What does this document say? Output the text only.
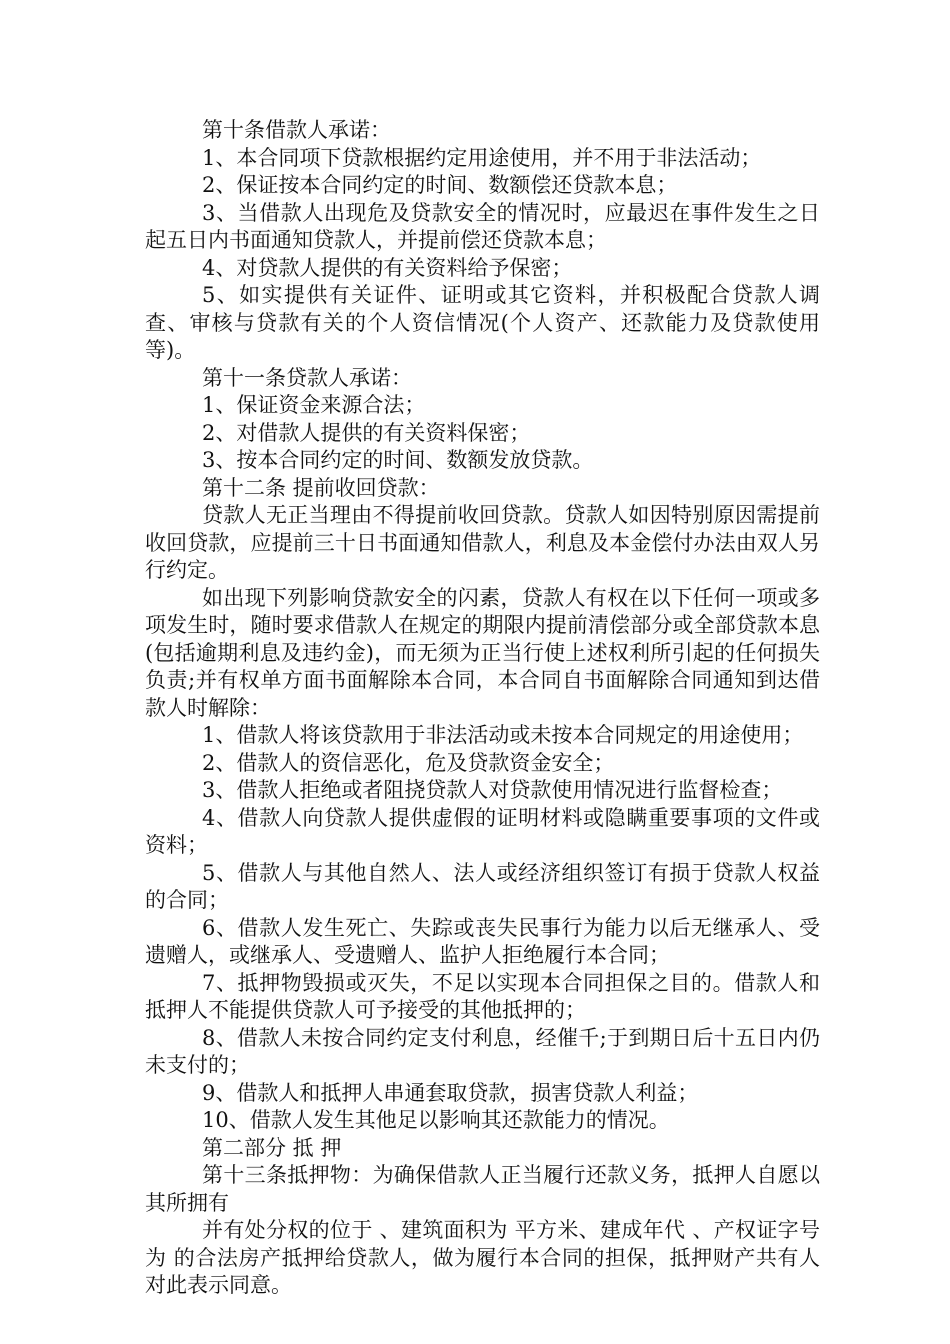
第十条借款人承诺：

1、本合同项下贷款根据约定用途使用，并不用于非法活动；

2、保证按本合同约定的时间、数额偿还贷款本息；

3、当借款人出现危及贷款安全的情况时，应最迟在事件发生之日起五日内书面通知贷款人，并提前偿还贷款本息；

4、对贷款人提供的有关资料给予保密；

5、如实提供有关证件、证明或其它资料，并积极配合贷款人调查、审核与贷款有关的个人资信情况(个人资产、还款能力及贷款使用等)。

第十一条贷款人承诺：

1、保证资金来源合法；

2、对借款人提供的有关资料保密；

3、按本合同约定的时间、数额发放贷款。

第十二条 提前收回贷款：

贷款人无正当理由不得提前收回贷款。贷款人如因特别原因需提前收回贷款，应提前三十日书面通知借款人，利息及本金偿付办法由双人另行约定。

如出现下列影响贷款安全的闪素，贷款人有权在以下任何一项或多项发生时，随时要求借款人在规定的期限内提前清偿部分或全部贷款本息(包括逾期利息及违约金)，而无须为正当行使上述权利所引起的任何损失负责;并有权单方面书面解除本合同，本合同自书面解除合同通知到达借款人时解除：

1、借款人将该贷款用于非法活动或未按本合同规定的用途使用；

2、借款人的资信恶化，危及贷款资金安全；

3、借款人拒绝或者阻挠贷款人对贷款使用情况进行监督检查；

4、借款人向贷款人提供虚假的证明材料或隐瞒重要事项的文件或资料；

5、借款人与其他自然人、法人或经济组织签订有损于贷款人权益的合同；

6、借款人发生死亡、失踪或丧失民事行为能力以后无继承人、受遗赠人，或继承人、受遗赠人、监护人拒绝履行本合同；

7、抵押物毁损或灭失，不足以实现本合同担保之目的。借款人和抵押人不能提供贷款人可予接受的其他抵押的；

8、借款人未按合同约定支付利息，经催千;于到期日后十五日内仍未支付的；

9、借款人和抵押人串通套取贷款，损害贷款人利益；

10、借款人发生其他足以影响其还款能力的情况。

第二部分 抵 押

第十三条抵押物：为确保借款人正当履行还款义务，抵押人自愿以其所拥有

并有处分权的位于 、建筑面积为 平方米、建成年代 、产权证字号为 的合法房产抵押给贷款人，做为履行本合同的担保，抵押财产共有人对此表示同意。
